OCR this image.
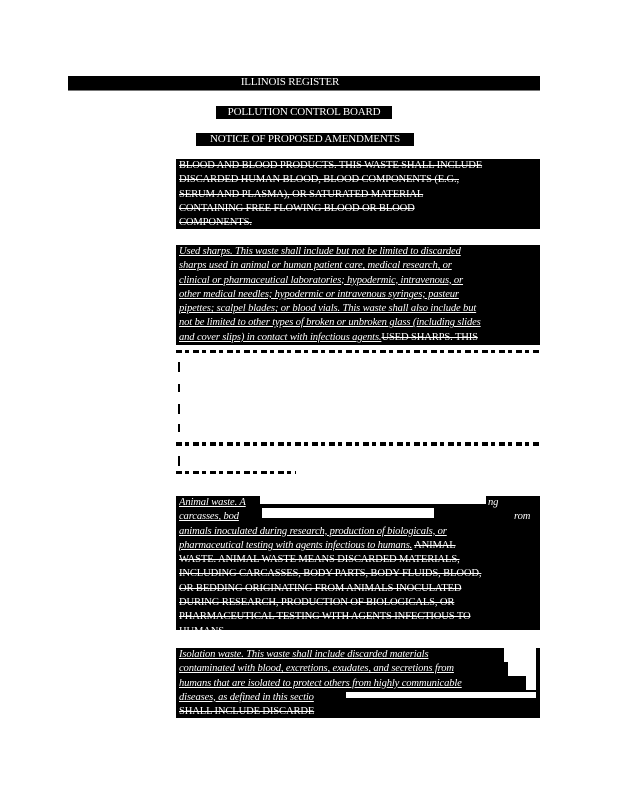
ILLINOIS REGISTER
POLLUTION CONTROL BOARD
NOTICE OF PROPOSED AMENDMENTS
BLOOD AND BLOOD PRODUCTS. THIS WASTE SHALL INCLUDE
DISCARDED HUMAN BLOOD, BLOOD COMPONENTS (E.G.,
SERUM AND PLASMA), OR SATURATED MATERIAL
CONTAINING FREE FLOWING BLOOD OR BLOOD
COMPONENTS.
Used sharps. This waste shall include but not be limited to discarded
sharps used in animal or human patient care, medical research, or
clinical or pharmaceutical laboratories; hypodermic, intravenous, or
other medical needles; hypodermic or intravenous syringes; pasteur
pipettes; scalpel blades; or blood vials. This waste shall also include but
not be limited to other types of broken or unbroken glass (including slides
and cover slips) in contact with infectious agents.USED SHARPS. THIS
Animal waste. A	ng
carcasses, bod	rom
animals inoculated during research, production of biologicals, or
pharmaceutical testing with agents infectious to humans. ANIMAL
WASTE. ANIMAL WASTE MEANS DISCARDED MATERIALS,
INCLUDING CARCASSES, BODY PARTS, BODY FLUIDS, BLOOD,
OR BEDDING ORIGINATING FROM ANIMALS INOCULATED
DURING RESEARCH, PRODUCTION OF BIOLOGICALS, OR
PHARMACEUTICAL TESTING WITH AGENTS INFECTIOUS TO
HUMANS.
Isolation waste. This waste shall include discarded materials
contaminated with blood, excretions, exudates, and secretions from
humans that are isolated to protect others from highly communicable
diseases, as defined in this sectio
SHALL INCLUDE DISCARDE
